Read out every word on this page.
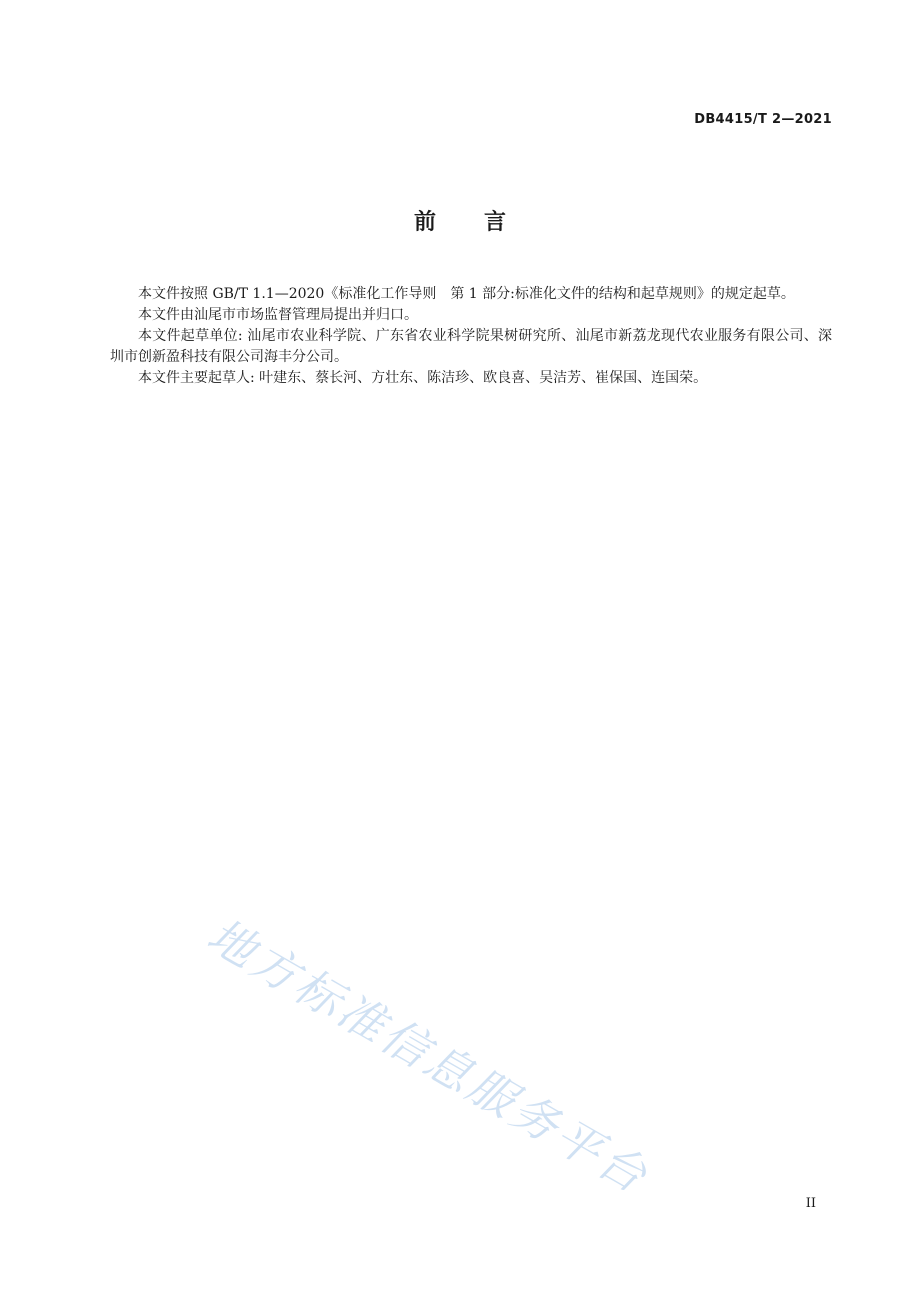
DB4415/T 2—2021
前言

本文件按照 GB/T 1.1—2020《标准化工作导则　第 1 部分:标准化文件的结构和起草规则》的规定起草。

本文件由汕尾市市场监督管理局提出并归口。

本文件起草单位: 汕尾市农业科学院、广东省农业科学院果树研究所、汕尾市新荔龙现代农业服务有限公司、深圳市创新盈科技有限公司海丰分公司。

本文件主要起草人: 叶建东、蔡长河、方壮东、陈洁珍、欧良喜、吴洁芳、崔保国、连国荣。

地方标准信息服务平台	II
